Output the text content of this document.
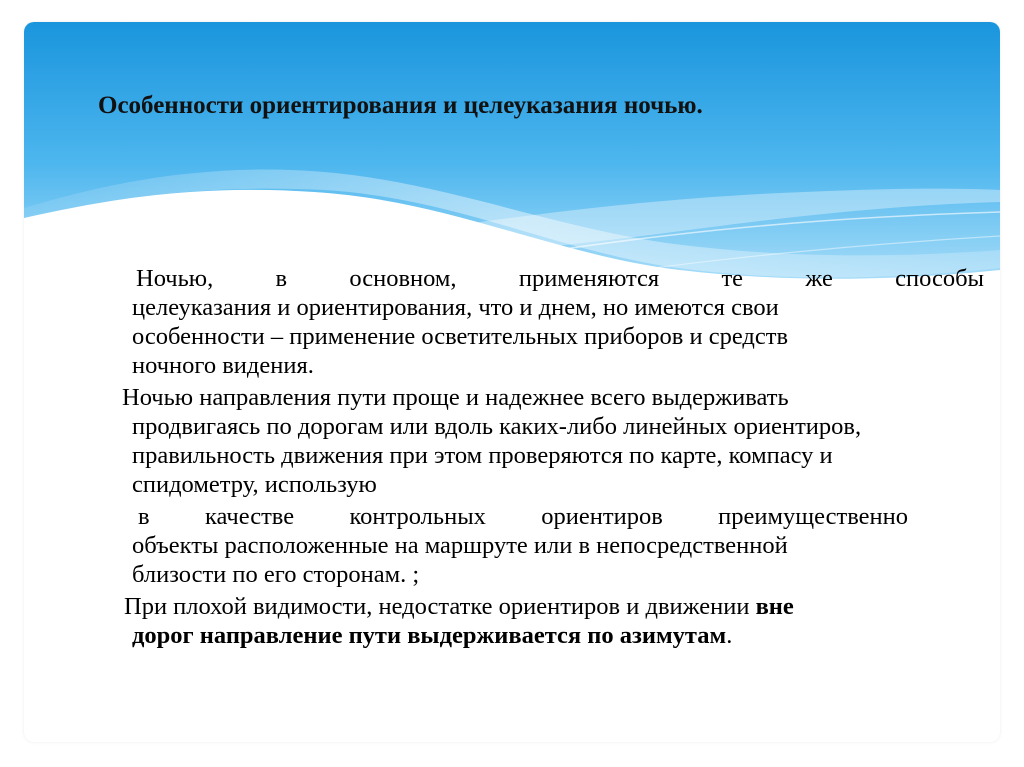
Особенности ориентирования и целеуказания ночью.

Ночью, в основном, применяются те же способы
целеуказания и ориентирования, что и днем, но имеются свои
особенности – применение осветительных приборов и средств
ночного видения.

Ночью направления пути проще и надежнее всего выдерживать
продвигаясь по дорогам или вдоль каких-либо линейных ориентиров,
правильность движения при этом проверяются по карте, компасу и
спидометру, использую

в качестве контрольных ориентиров преимущественно
объекты расположенные на маршруте или в непосредственной
близости по его сторонам. ;

При плохой видимости, недостатке ориентиров и движении вне
дорог направление пути выдерживается по азимутам.
